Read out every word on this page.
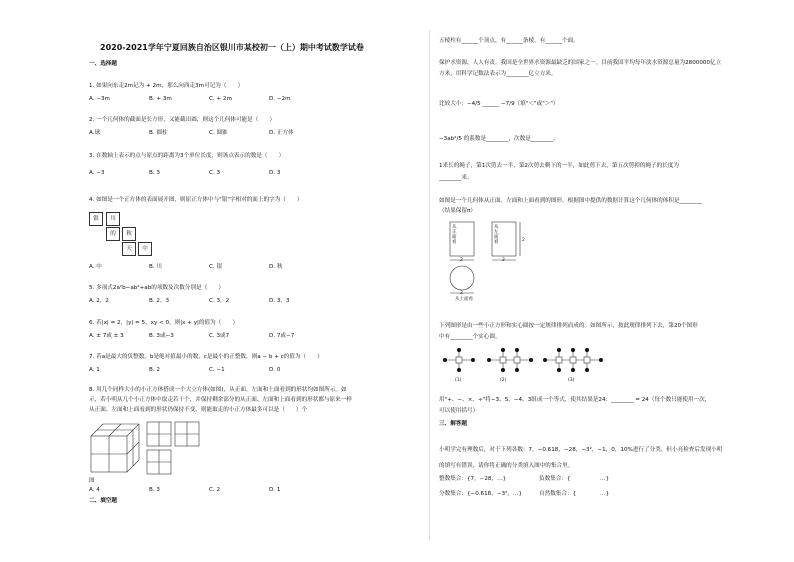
2020-2021学年宁夏回族自治区银川市某校初一（上）期中考试数学试卷
一、选择题
1. 如果向东走2m记为 + 2m，那么向西走3m可记为（　　）
A. −3m	B. + 3m	C. + 2m	D. −2m
2. 一个几何体的截面是长方形，又能截出圆，则这个几何体可能是（　　）
A.球	B. 圆柱	C. 圆锥	D. 正方体
3. 在数轴上表示的点与原点的距离为3个单位长度，则该点表示的数是（　　）
A. −3	B. 3	C. 3	D. 3
4. 如图是一个正方体的表面展开图，则原正方体中与"银"字相对的面上的字为（　　）
银	川
的	秋
天	中
A. 中	B. 川	C. 银	D. 秋
5. 多项式2a²b−ab²+ab的项数及次数分别是（　　）
A. 2，2	B. 2，3	C. 3，2	D. 3，3
6. 若|x| = 2，|y| = 5，xy < 0，则|x + y|的值为（　　）
A. ± 7或 ± 3	B. 3或−3	C. 3或7	D. 7或−7
7. 若a是最大的负整数，b是绝对值最小的数，c是最小的正整数，则a − b + c的值为（　　）
A. 1	B. 2	C. −1	D. 0
8. 用几个同样大小的小正方体搭成一个大立方体(如图)，从正面、左面和上面看到的形状均如图所示。如
示，若小明从几个小正方体中取走若干个，并保持剩余部分的从正面、左面和上面看到的形状都与原来一样
从正面、左面和上面看到的形状仍保持不变，则能取走的小正方体最多可以是（　　）个
图
A. 4	B. 3	C. 2	D. 1
二、填空题
五棱柱有______个顶点，有______条棱，有______个面。
保护水资源，人人有责。我国是全世界水资源最缺乏的国家之一。目前我国平均每年淡水资源总量为2800000亿立
方米，用科学记数法表示为________亿立方米。
比较大小：−4/5 ______ −7/9（填"＜"或"＞"）
−3ab²/5 的系数是________，次数是________。
1米长的绳子，第1次剪去一半，第2次剪去剩下的一半，如此剪下去，第五次剪掉的绳子的长度为
________米。
如图是一个几何体从正面、左面和上面看到的图形，根据图中提供的数据计算这个几何体的体积是________
（结果保留π）
从正面看
从左面看
从上面看
2	2
2
2
下列图形是由一些小正方形和实心圆按一定规律排列而成的。如图所示，按此规律排列下去，第20个图形
中有________个实心圆。
(1)	(2)	(3)
用"+、−、×、÷"将−3、5、−4、3组成一个等式，使其结果是24：________ = 24（每个数只能使用一次，
可以使用括号）
三、解答题
小明学完有理数后，对于下列各数：7，−0.618，−28，−3²，−1，0，10%进行了分类，但小亮检查后发现小明
的填写有错误，请你将正确的分类填入图中的集合里。
整数集合：{7，−28，…}	负数集合：{	…}
分数集合：{−0.618，−3²，…}	自然数集合：{	…}
